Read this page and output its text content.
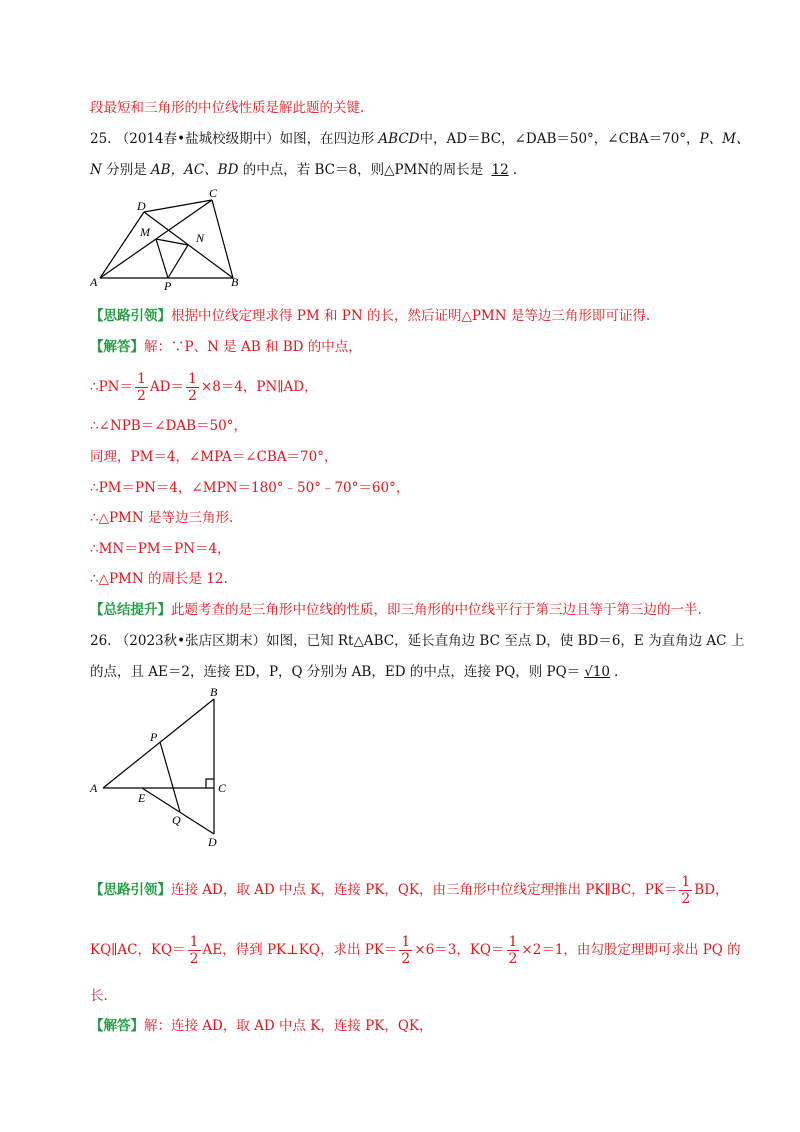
段最短和三角形的中位线性质是解此题的关键.
25. （2014春•盐城校级期中）如图，在四边形 ABCD中，AD＝BC，∠DAB＝50°，∠CBA＝70°，P、M、
N 分别是 AB，AC、BD 的中点，若 BC＝8，则△PMN的周长是 12 .
D
C
M	N
A	P	B
【思路引领】根据中位线定理求得 PM 和 PN 的长，然后证明△PMN 是等边三角形即可证得.
【解答】解：∵P、N 是 AB 和 BD 的中点，
∴PN＝ $\frac{1}{2} AD= \frac{1}{2} \times 8=4$，PN∥AD，
∴∠NPB＝∠DAB＝50°，
同理，PM＝4，∠MPA＝∠CBA＝70°，
∴PM＝PN＝4，∠MPN＝180°﹣50°﹣70°＝60°，
∴△PMN 是等边三角形.
∴MN＝PM＝PN＝4，
∴△PMN 的周长是 12.
【总结提升】此题考查的是三角形中位线的性质，即三角形的中位线平行于第三边且等于第三边的一半.
26. （2023秋•张店区期末）如图，已知 Rt△ABC，延长直角边 BC 至点 D，使 BD＝6，E 为直角边 AC 上
的点，且 AE＝2，连接 ED，P，Q 分别为 AB，ED 的中点，连接 PQ，则 PQ＝ √10 .
B
P
A	C
E
Q
D
【思路引领】连接 AD，取 AD 中点 K，连接 PK，QK，由三角形中位线定理推出 PK∥BC，$PK= \frac{1}{2}$ BD，
KQ∥AC，$KQ= \frac{1}{2}$ AE，得到 PK⊥KQ，求出 $PK= \frac{1}{2} \times 6=3$，$KQ= \frac{1}{2} \times 2=1$，由勾股定理即可求出 PQ 的
长.
【解答】解：连接 AD，取 AD 中点 K，连接 PK，QK，
